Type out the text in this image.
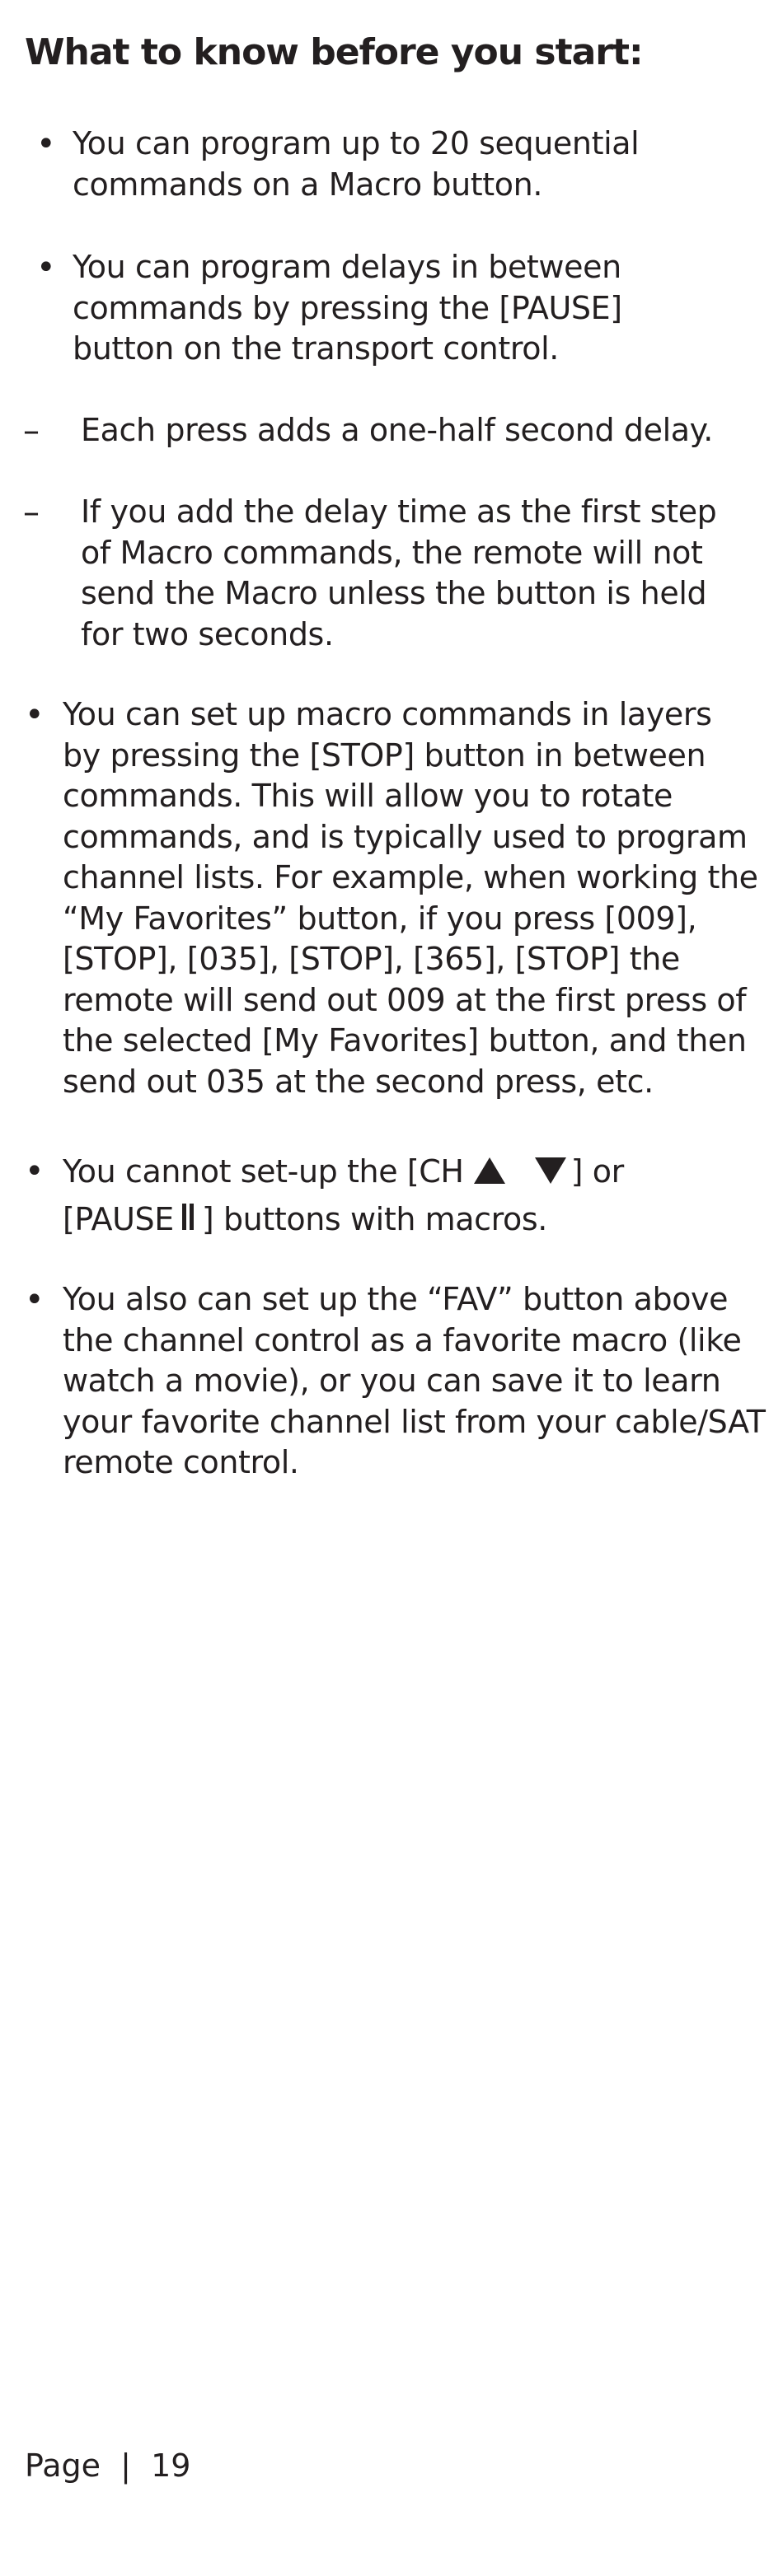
What to know before you start:
• You can program up to 20 sequential
commands on a Macro button.
• You can program delays in between
commands by pressing the [PAUSE]
button on the transport control.
– Each press adds a one-half second delay.
– If you add the delay time as the first step
of Macro commands, the remote will not
send the Macro unless the button is held
for two seconds.
• You can set up macro commands in layers
by pressing the [STOP] button in between
commands. This will allow you to rotate
commands, and is typically used to program
channel lists. For example, when working the
“My Favorites” button, if you press [009],
[STOP], [035], [STOP], [365], [STOP] the
remote will send out 009 at the first press of
the selected [My Favorites] button, and then
send out 035 at the second press, etc.
• You cannot set-up the [CH	] or
[PAUSE ] buttons with macros.
• You also can set up the “FAV” button above
the channel control as a favorite macro (like
watch a movie), or you can save it to learn
your favorite channel list from your cable/SAT
remote control.
Page  |  19
